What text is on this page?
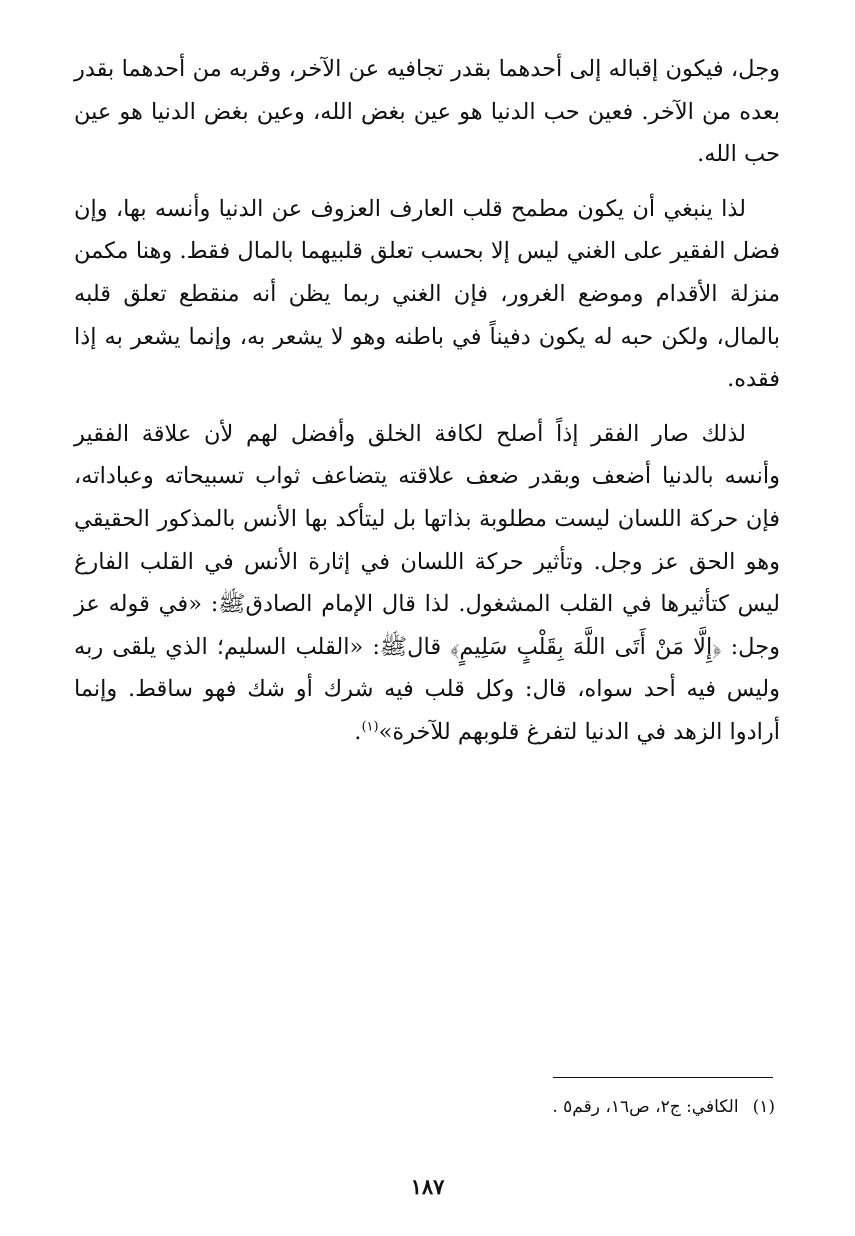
وجل، فيكون إقباله إلى أحدهما بقدر تجافيه عن الآخر، وقربه من أحدهما بقدر بعده من الآخر. فعين حب الدنيا هو عين بغض الله، وعين بغض الدنيا هو عين حب الله.

لذا ينبغي أن يكون مطمح قلب العارف العزوف عن الدنيا وأنسه بها، وإن فضل الفقير على الغني ليس إلا بحسب تعلق قلبيهما بالمال فقط. وهنا مكمن منزلة الأقدام وموضع الغرور، فإن الغني ربما يظن أنه منقطع تعلق قلبه بالمال، ولكن حبه له يكون دفيناً في باطنه وهو لا يشعر به، وإنما يشعر به إذا فقده.

لذلك صار الفقر إذاً أصلح لكافة الخلق وأفضل لهم لأن علاقة الفقير وأنسه بالدنيا أضعف وبقدر ضعف علاقته يتضاعف ثواب تسبيحاته وعباداته، فإن حركة اللسان ليست مطلوبة بذاتها بل ليتأكد بها الأنس بالمذكور الحقيقي وهو الحق عز وجل. وتأثير حركة اللسان في إثارة الأنس في القلب الفارغ ليس كتأثيرها في القلب المشغول. لذا قال الإمام الصادقﷺ: «في قوله عز وجل: ﴿إِلَّا مَنْ أَتَى اللَّهَ بِقَلْبٍ سَلِيمٍ﴾ قالﷺ: «القلب السليم؛ الذي يلقى ربه وليس فيه أحد سواه، قال: وكل قلب فيه شرك أو شك فهو ساقط. وإنما أرادوا الزهد في الدنيا لتفرغ قلوبهم للآخرة»$^{(١)}$.

(١)الكافي: ج٢، ص١٦، رقم٥ .

١٨٧
